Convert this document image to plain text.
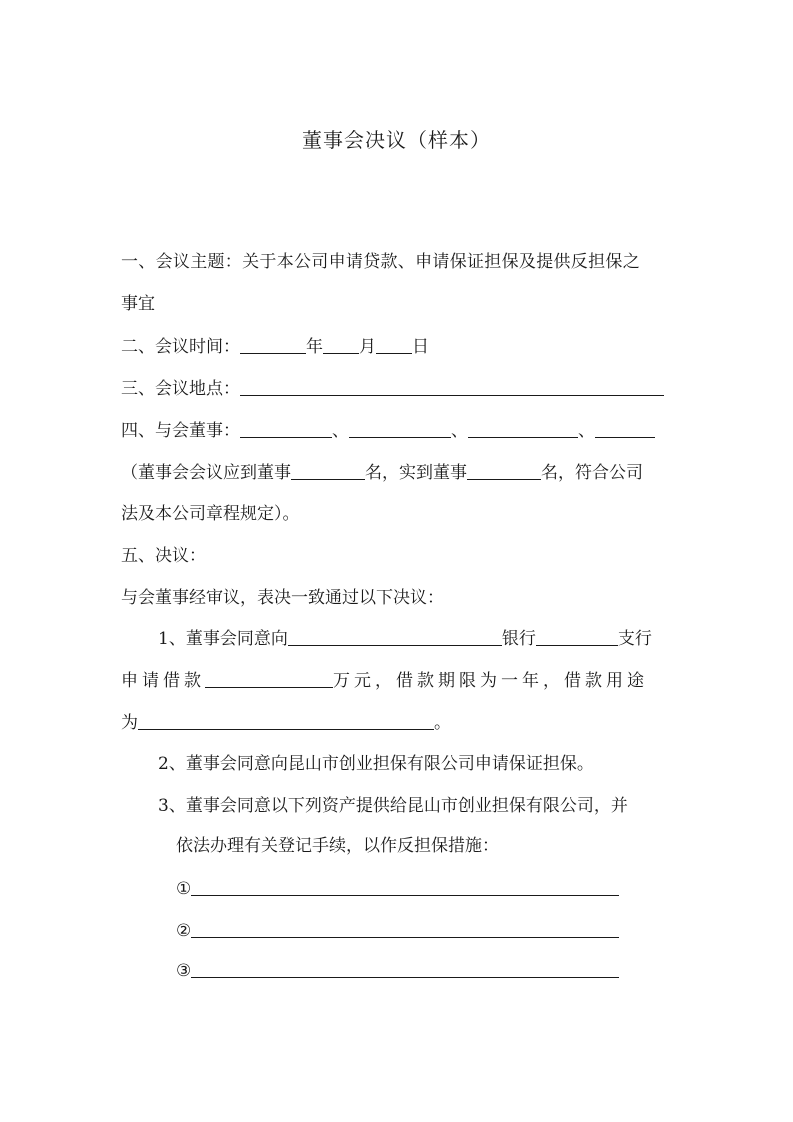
董事会决议（样本）
一、会议主题：关于本公司申请贷款、申请保证担保及提供反担保之
事宜
二、会议时间：	年 月 日
三、会议地点：
四、与会董事：	、	、	、
（董事会会议应到董事	名，实到董事	名，符合公司
法及本公司章程规定）。
五、决议：
与会董事经审议，表决一致通过以下决议：
1、董事会同意向	银行	支行
申请借款	万元，借款期限为一年，借款用途
为	。
2、董事会同意向昆山市创业担保有限公司申请保证担保。
3、董事会同意以下列资产提供给昆山市创业担保有限公司，并
依法办理有关登记手续，以作反担保措施：
①
②
③
